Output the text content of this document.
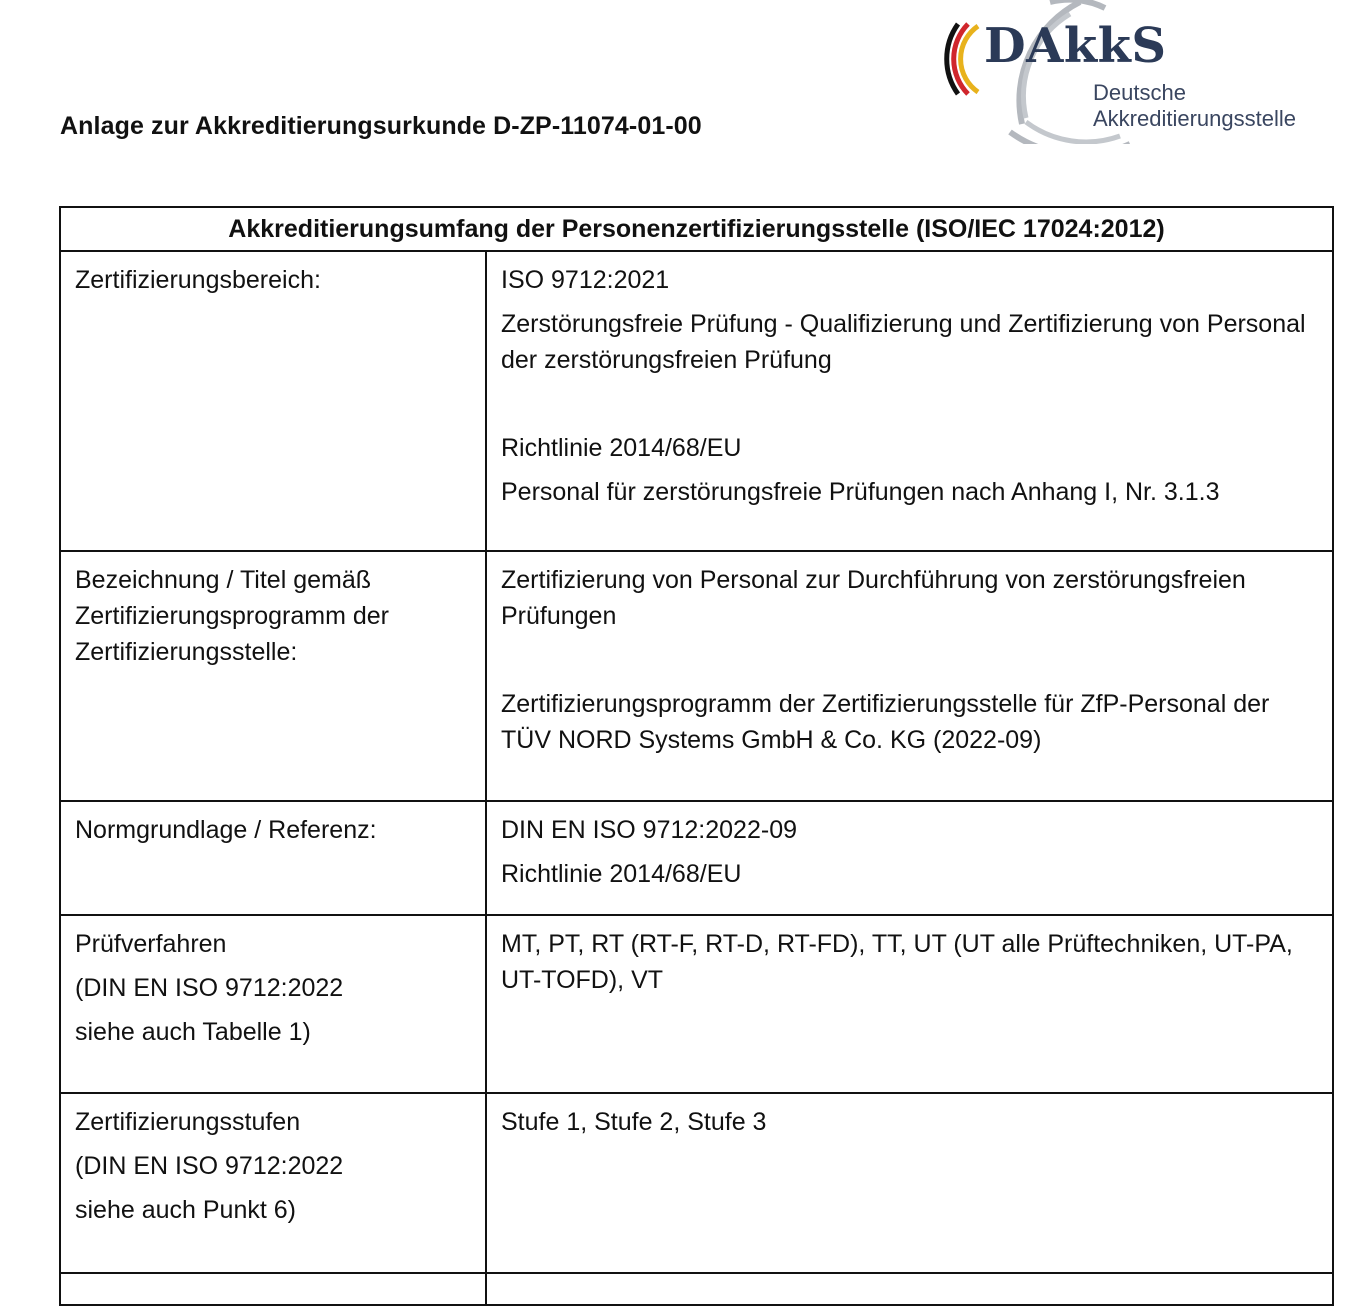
Anlage zur Akkreditierungsurkunde D-ZP-11074-01-00
DAkkS
Deutsche
Akkreditierungsstelle
Akkreditierungsumfang der Personenzertifizierungsstelle (ISO/IEC 17024:2012)	

Zertifizierungsbereich:	ISO 9712:2021
Zerstörungsfreie Prüfung - Qualifizierung und Zertifizierung von Personal der zerstörungsfreien Prüfung
Richtlinie 2014/68/EU
Personal für zerstörungsfreie Prüfungen nach Anhang I, Nr. 3.1.3

Bezeichnung / Titel gemäß Zertifizierungsprogramm der Zertifizierungsstelle:	Zertifizierung von Personal zur Durchführung von zerstörungsfreien Prüfungen
Zertifizierungsprogramm der Zertifizierungsstelle für ZfP-Personal der TÜV NORD Systems GmbH & Co. KG (2022-09)

Normgrundlage / Referenz:	DIN EN ISO 9712:2022-09
Richtlinie 2014/68/EU

Prüfverfahren
(DIN EN ISO 9712:2022
siehe auch Tabelle 1)	MT, PT, RT (RT-F, RT-D, RT-FD), TT, UT (UT alle Prüftechniken, UT-PA, UT-TOFD), VT

Zertifizierungsstufen
(DIN EN ISO 9712:2022
siehe auch Punkt 6)	Stufe 1, Stufe 2, Stufe 3
